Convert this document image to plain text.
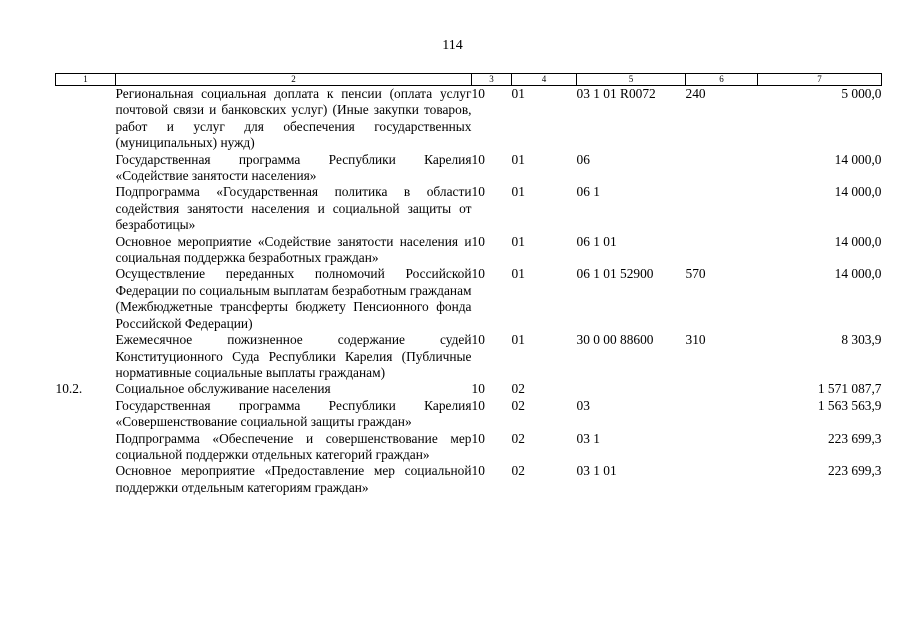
114
1	2	3	4	5	6	7
	Региональная социальная доплата к пенсии (оплата услуг почтовой связи и банковских услуг) (Иные закупки товаров, работ и услуг для обеспечения государственных (муниципальных) нужд)	10	01	03 1 01 R0072	240	5 000,0
	Государственная программа Республики Карелия «Содействие занятости населения»	10	01	06		14 000,0
	Подпрограмма «Государственная политика в области содействия занятости населения и социальной защиты от безработицы»	10	01	06 1		14 000,0
	Основное мероприятие «Содействие занятости населения и социальная поддержка безработных граждан»	10	01	06 1 01		14 000,0
	Осуществление переданных полномочий Российской Федерации по социальным выплатам безработным гражданам (Межбюджетные трансферты бюджету Пенсионного фонда Российской Федерации)	10	01	06 1 01 52900	570	14 000,0
	Ежемесячное пожизненное содержание судей Конституционного Суда Республики Карелия (Публичные нормативные социальные выплаты гражданам)	10	01	30 0 00 88600	310	8 303,9
10.2.	Социальное обслуживание населения	10	02			1 571 087,7
	Государственная программа Республики Карелия «Совершенствование социальной защиты граждан»	10	02	03		1 563 563,9
	Подпрограмма «Обеспечение и совершенствование мер социальной поддержки отдельных категорий граждан»	10	02	03 1		223 699,3
	Основное мероприятие «Предоставление мер социальной поддержки отдельным категориям граждан»	10	02	03 1 01		223 699,3
